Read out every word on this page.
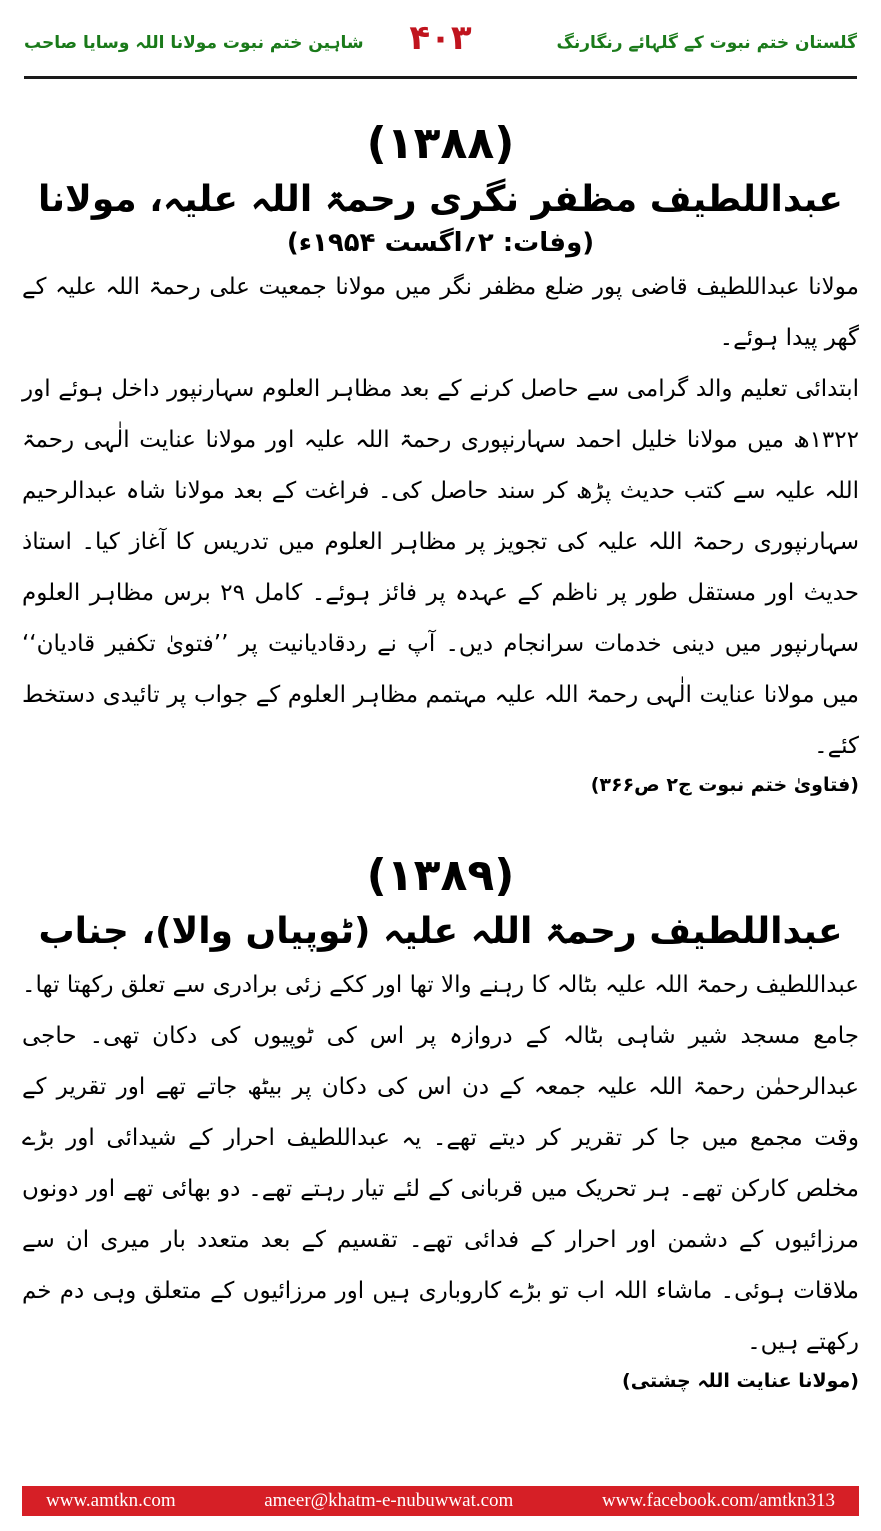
گلستان ختم نبوت کے گلہائے رنگارنگ
۴۰۳
شاہین ختم نبوت مولانا اللہ وسایا صاحب
(۱۳۸۸)
عبداللطیف مظفر نگری رحمۃ اللہ علیہ، مولانا
(وفات: ۲؍اگست ۱۹۵۴ء)

مولانا عبداللطیف قاضی پور ضلع مظفر نگر میں مولانا جمعیت علی رحمۃ اللہ علیہ کے گھر پیدا ہوئے۔

ابتدائی تعلیم والد گرامی سے حاصل کرنے کے بعد مظاہر العلوم سہارنپور داخل ہوئے اور ۱۳۲۲ھ میں مولانا خلیل احمد سہارنپوری رحمۃ اللہ علیہ اور مولانا عنایت الٰہی رحمۃ اللہ علیہ سے کتب حدیث پڑھ کر سند حاصل کی۔ فراغت کے بعد مولانا شاہ عبدالرحیم سہارنپوری رحمۃ اللہ علیہ کی تجویز پر مظاہر العلوم میں تدریس کا آغاز کیا۔ استاذ حدیث اور مستقل طور پر ناظم کے عہدہ پر فائز ہوئے۔ کامل ۲۹ برس مظاہر العلوم سہارنپور میں دینی خدمات سرانجام دیں۔ آپ نے ردقادیانیت پر ’’فتویٰ تکفیر قادیان‘‘ میں مولانا عنایت الٰہی رحمۃ اللہ علیہ مہتمم مظاہر العلوم کے جواب پر تائیدی دستخط کئے۔

(فتاویٰ ختم نبوت ج۲ ص۳۶۶)
(۱۳۸۹)
عبداللطیف رحمۃ اللہ علیہ (ٹوپیاں والا)، جناب

عبداللطیف رحمۃ اللہ علیہ بٹالہ کا رہنے والا تھا اور ککے زئی برادری سے تعلق رکھتا تھا۔ جامع مسجد شیر شاہی بٹالہ کے دروازہ پر اس کی ٹوپیوں کی دکان تھی۔ حاجی عبدالرحمٰن رحمۃ اللہ علیہ جمعہ کے دن اس کی دکان پر بیٹھ جاتے تھے اور تقریر کے وقت مجمع میں جا کر تقریر کر دیتے تھے۔ یہ عبداللطیف احرار کے شیدائی اور بڑے مخلص کارکن تھے۔ ہر تحریک میں قربانی کے لئے تیار رہتے تھے۔ دو بھائی تھے اور دونوں مرزائیوں کے دشمن اور احرار کے فدائی تھے۔ تقسیم کے بعد متعدد بار میری ان سے ملاقات ہوئی۔ ماشاء اللہ اب تو بڑے کاروباری ہیں اور مرزائیوں کے متعلق وہی دم خم رکھتے ہیں۔

(مولانا عنایت اللہ چشتی)
www.amtkn.com	ameer@khatm-e-nubuwwat.com	www.facebook.com/amtkn313
